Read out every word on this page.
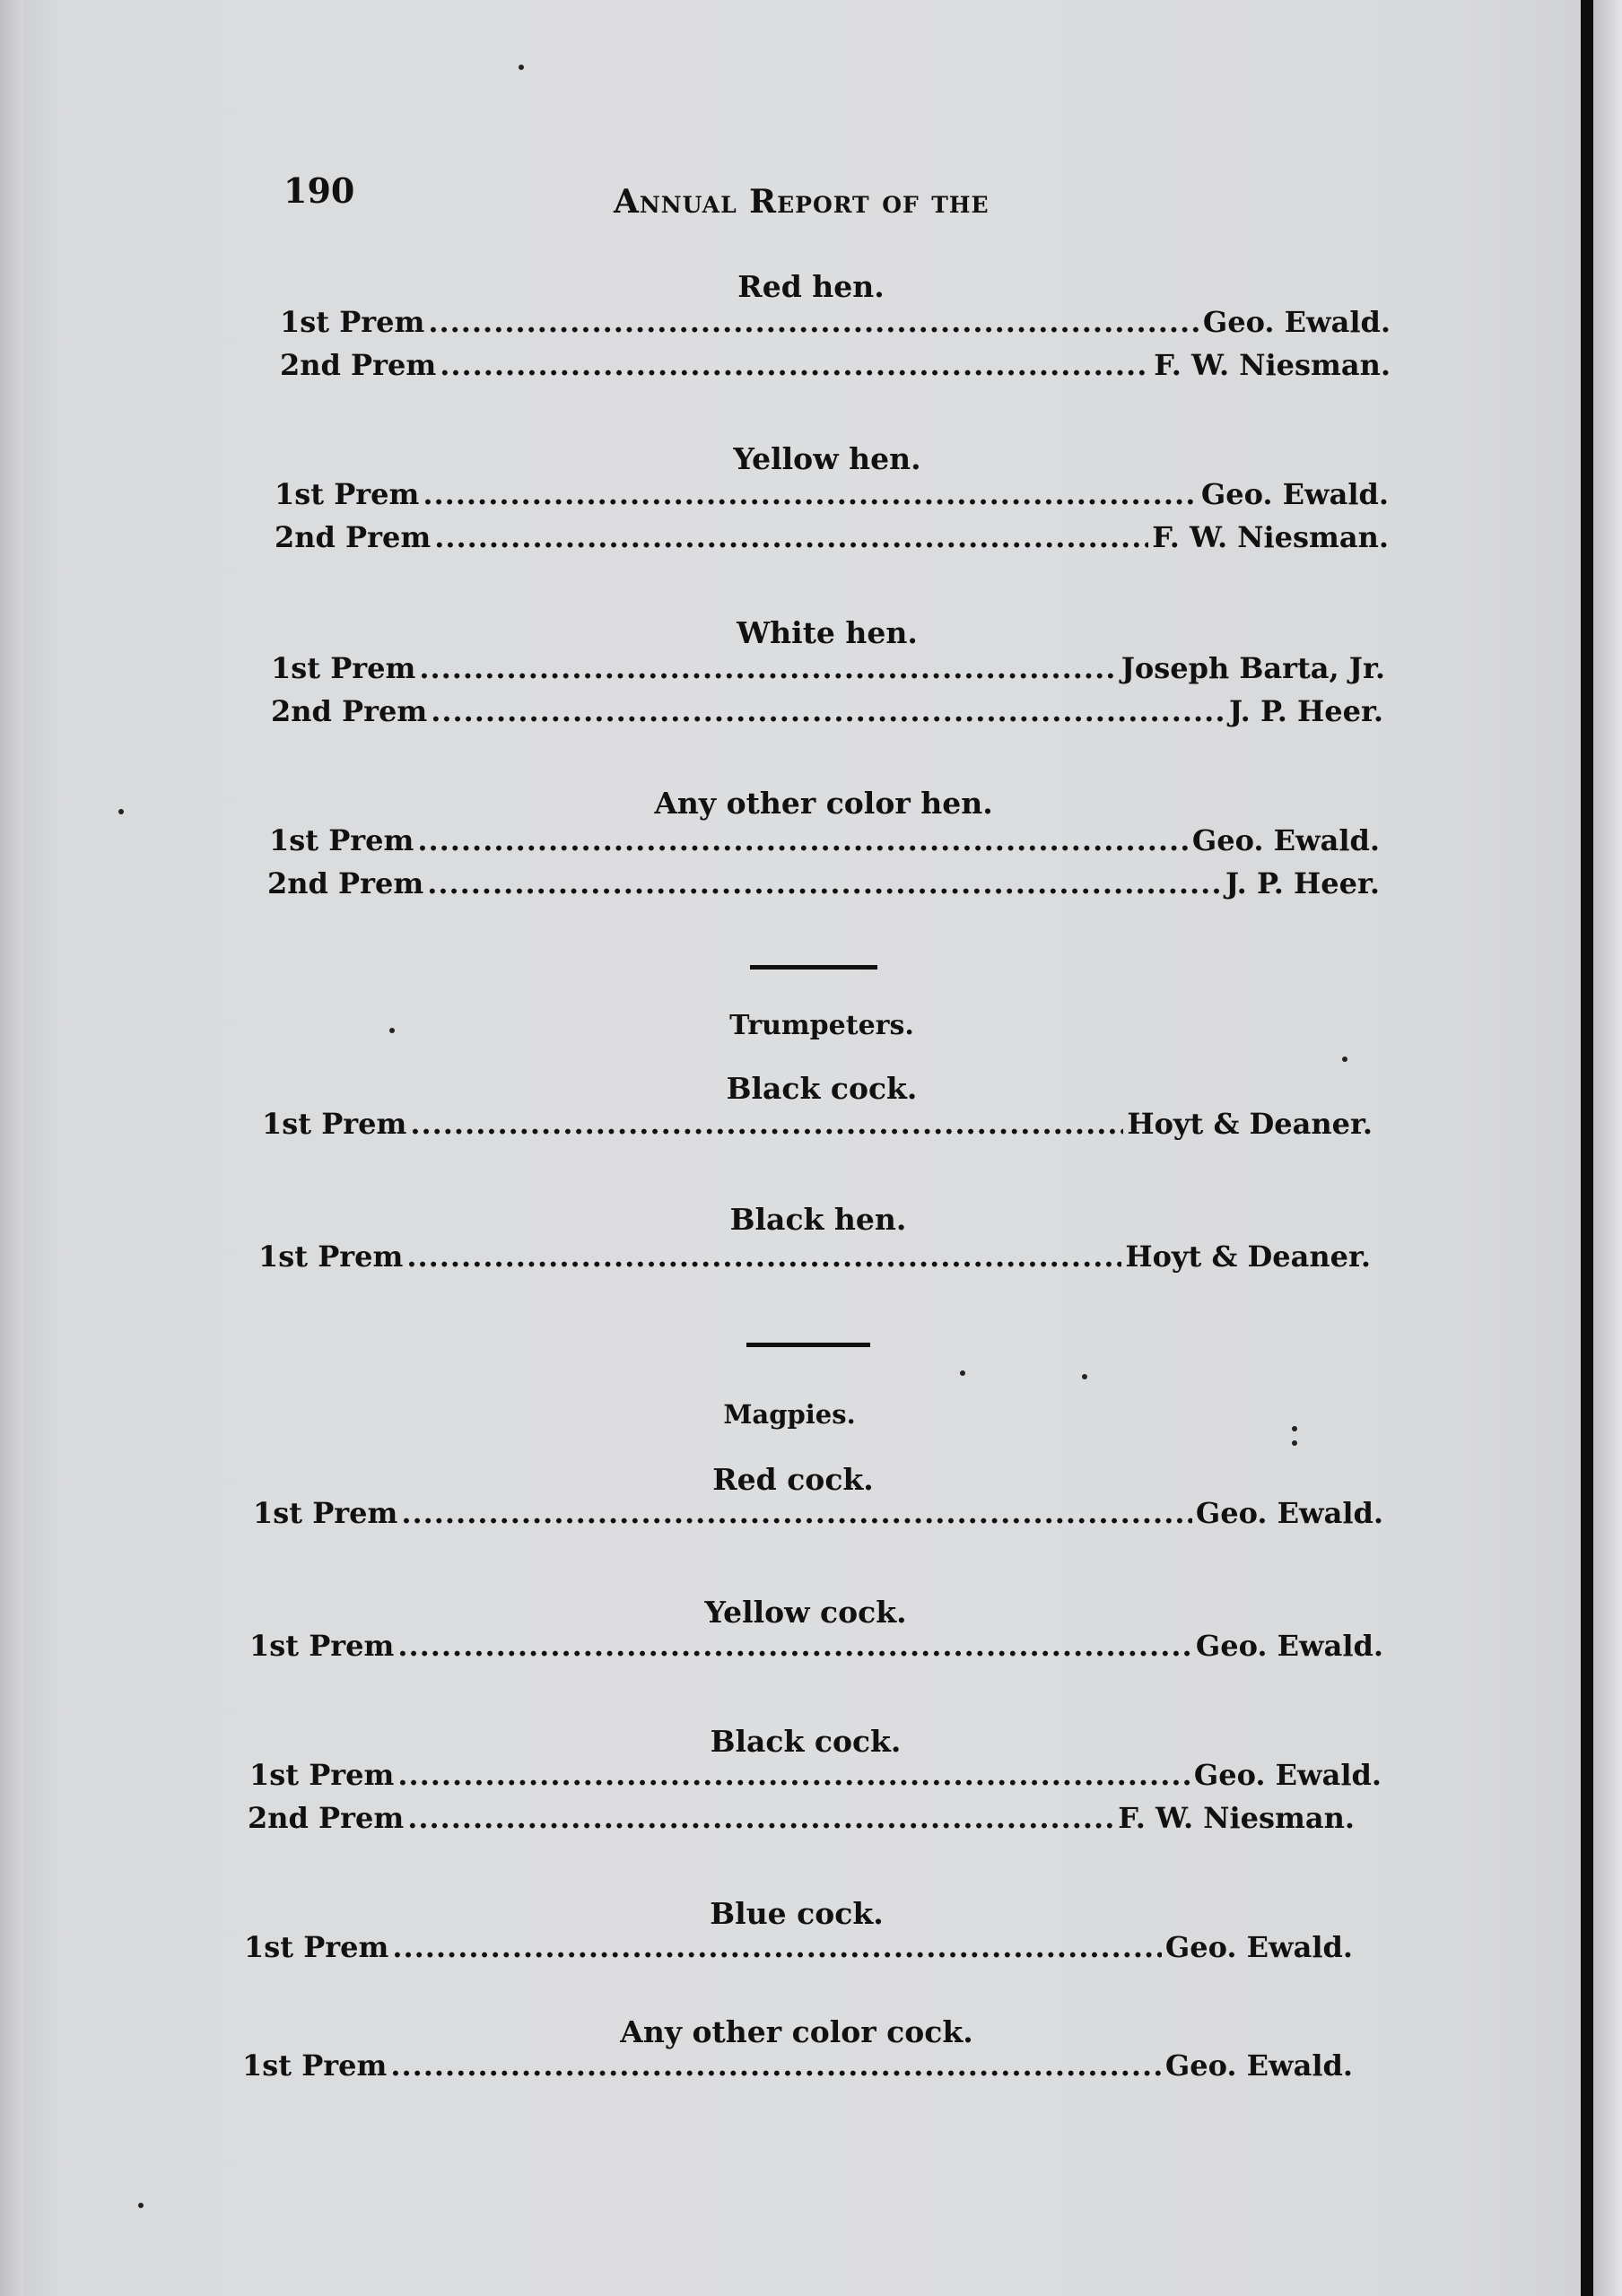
190	Annual Report of the
Red hen.
1st Prem .....	Geo. Ewald.
2nd Prem .....	F. W. Niesman.
Yellow hen.
1st Prem .....	Geo. Ewald.
2nd Prem .....	F. W. Niesman.
White hen.
1st Prem .....	Joseph Barta, Jr.
2nd Prem .....	J. P. Heer.
Any other color hen.
1st Prem .....	Geo. Ewald.
2nd Prem .....	J. P. Heer.
Trumpeters.
Black cock.
1st Prem .....	Hoyt & Deaner.
Black hen.
1st Prem .....	Hoyt & Deaner.
Magpies.
Red cock.
1st Prem .....	Geo. Ewald.
Yellow cock.
1st Prem .....	Geo. Ewald.
Black cock.
1st Prem .....	Geo. Ewald.
2nd Prem .....	F. W. Niesman.
Blue cock.
1st Prem .....	Geo. Ewald.
Any other color cock.
1st Prem .....	Geo. Ewald.
